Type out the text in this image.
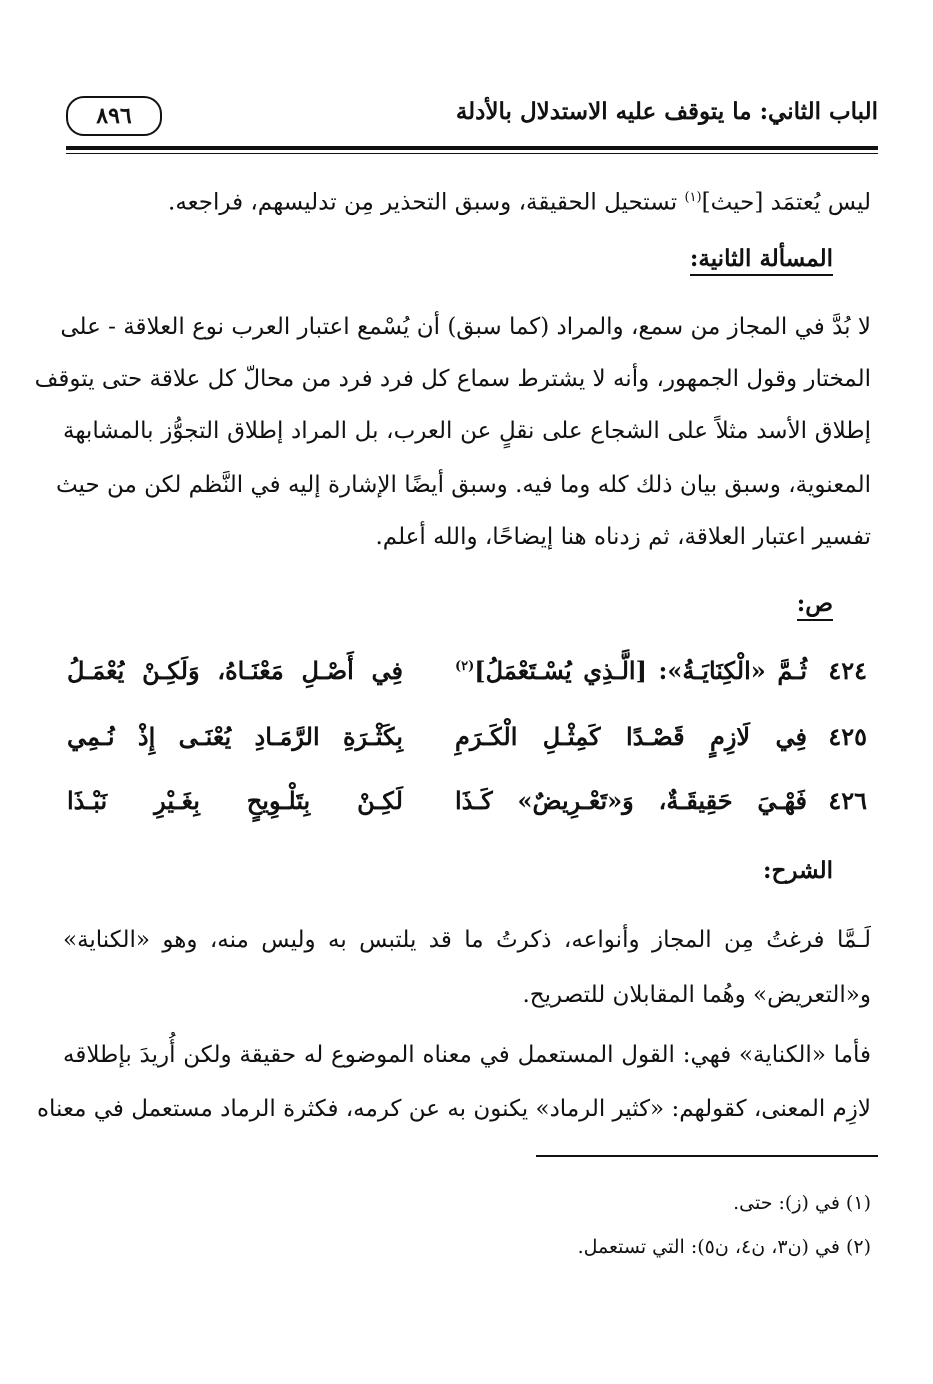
٨٩٦	الباب الثاني: ما يتوقف عليه الاستدلال بالأدلة
ليس يُعتمَد [حيث]$^{(١)}$ تستحيل الحقيقة، وسبق التحذير مِن تدليسهم، فراجعه.
المسألة الثانية:
لا بُدَّ في المجاز من سمع، والمراد (كما سبق) أن يُسْمع اعتبار العرب نوع العلاقة - على
المختار وقول الجمهور، وأنه لا يشترط سماع كل فرد فرد من محالّ كل علاقة حتى يتوقف
إطلاق الأسد مثلاً على الشجاع على نقلٍ عن العرب، بل المراد إطلاق التجوُّز بالمشابهة
المعنوية، وسبق بيان ذلك كله وما فيه. وسبق أيضًا الإشارة إليه في النَّظم لكن من حيث
تفسير اعتبار العلاقة، ثم زدناه هنا إيضاحًا، والله أعلم.
ص:
٤٢٤
ثُـمَّ «الْكِنَايَـةُ»: [الَّـذِي يُسْـتَعْمَلُ]$^{(٢)}$
فِي أَصْـلِ مَعْنَـاهُ، وَلَكِـنْ يُعْمَـلُ
٤٢٥
فِي لَازِمٍ قَصْـدًا كَمِثْـلِ الْكَـرَمِ
بِكَثْـرَةِ الرَّمَـادِ يُعْنَـى إِذْ نُـمِي
٤٢٦
فَهْـيَ حَقِيقَـةٌ، وَ«تَعْـرِيضٌ» كَـذَا
لَكِـنْ بِتَلْـوِيحٍ بِغَـيْرِ نَبْـذَا
الشرح:
لَـمَّا فرغتُ مِن المجاز وأنواعه، ذكرتُ ما قد يلتبس به وليس منه، وهو «الكناية»
و«التعريض» وهُما المقابلان للتصريح.
فأما «الكناية» فهي: القول المستعمل في معناه الموضوع له حقيقة ولكن أُريدَ بإطلاقه
لازِم المعنى، كقولهم: «كثير الرماد» يكنون به عن كرمه، فكثرة الرماد مستعمل في معناه
(١) في (ز): حتى.
(٢) في (ن٣، ن٤، ن٥): التي تستعمل.
